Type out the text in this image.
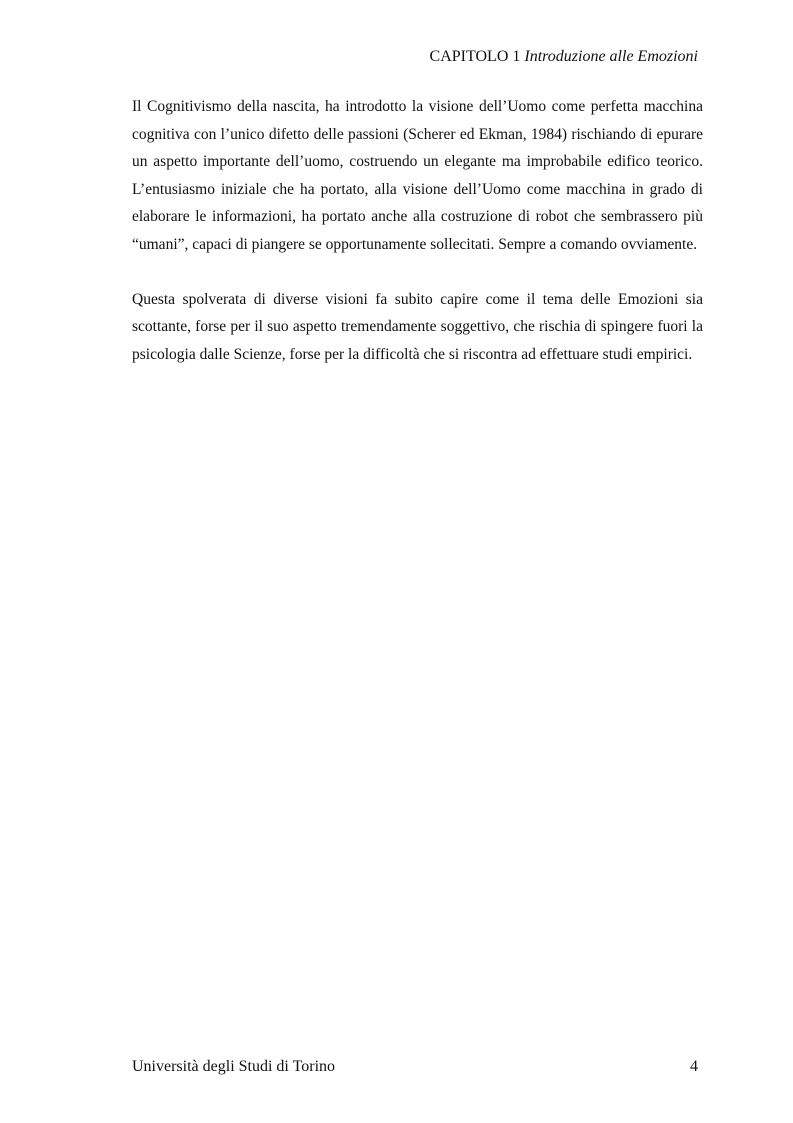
CAPITOLO 1 Introduzione alle Emozioni

Il Cognitivismo della nascita, ha introdotto la visione dell’Uomo come perfetta macchina cognitiva con l’unico difetto delle passioni (Scherer ed Ekman, 1984) rischiando di epurare un aspetto importante dell’uomo, costruendo un elegante ma improbabile edifico teorico. L’entusiasmo iniziale che ha portato, alla visione dell’Uomo come macchina in grado di elaborare le informazioni, ha portato anche alla costruzione di robot che sembrassero più “umani”, capaci di piangere se opportunamente sollecitati. Sempre a comando ovviamente.

Questa spolverata di diverse visioni fa subito capire come il tema delle Emozioni sia scottante, forse per il suo aspetto tremendamente soggettivo, che rischia di spingere fuori la psicologia dalle Scienze, forse per la difficoltà che si riscontra ad effettuare studi empirici.

Università degli Studi di Torino	4
